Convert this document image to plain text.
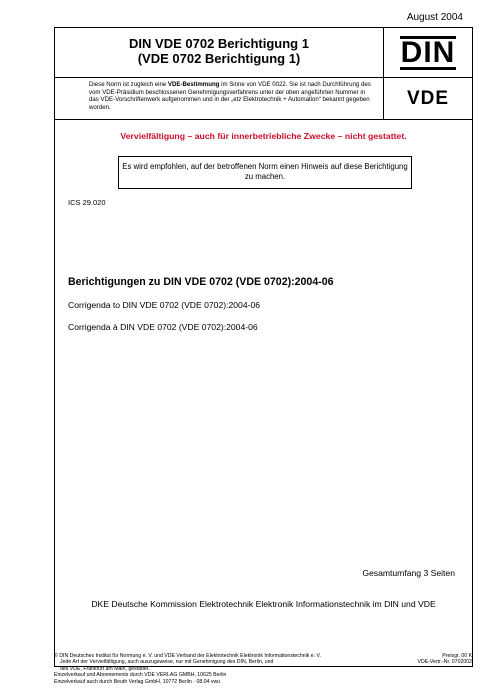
August 2004
DIN VDE 0702 Berichtigung 1
(VDE 0702 Berichtigung 1)	DIN
Diese Norm ist zugleich eine VDE-Bestimmung im Sinne von VDE 0022. Sie ist nach Durchführung des vom VDE-Präsidium beschlossenen Genehmigungsverfahrens unter der oben angeführten Nummer in das VDE-Vorschriftenwerk aufgenommen und in der „etz Elektrotechnik + Automation“ bekannt gegeben worden.	VDE
Vervielfältigung – auch für innerbetriebliche Zwecke – nicht gestattet.
Es wird empfohlen, auf der betroffenen Norm einen Hinweis auf diese Berichtigung zu machen.
ICS 29.020
Berichtigungen zu DIN VDE 0702 (VDE 0702):2004-06
Corrigenda to DIN VDE 0702 (VDE 0702):2004-06
Corrigenda à DIN VDE 0702 (VDE 0702):2004-06
Gesamtumfang 3 Seiten
DKE Deutsche Kommission Elektrotechnik Elektronik Informationstechnik im DIN und VDE
© DIN Deutsches Institut für Normung e. V. und VDE Verband der Elektrotechnik Elektronik Informationstechnik e. V.
Jede Art der Vervielfältigung, auch auszugsweise, nur mit Genehmigung des DIN, Berlin, und
des VDE, Frankfurt am Main, gestattet.
Einzelverkauf und Abonnements durch VDE VERLAG GMBH, 10625 Berlin
Einzelverkauf auch durch Beuth Verlag GmbH, 10772 Berlin · 08.04 vwu
Preisgr. 00 K
VDE-Vertr.-Nr. 0702002
